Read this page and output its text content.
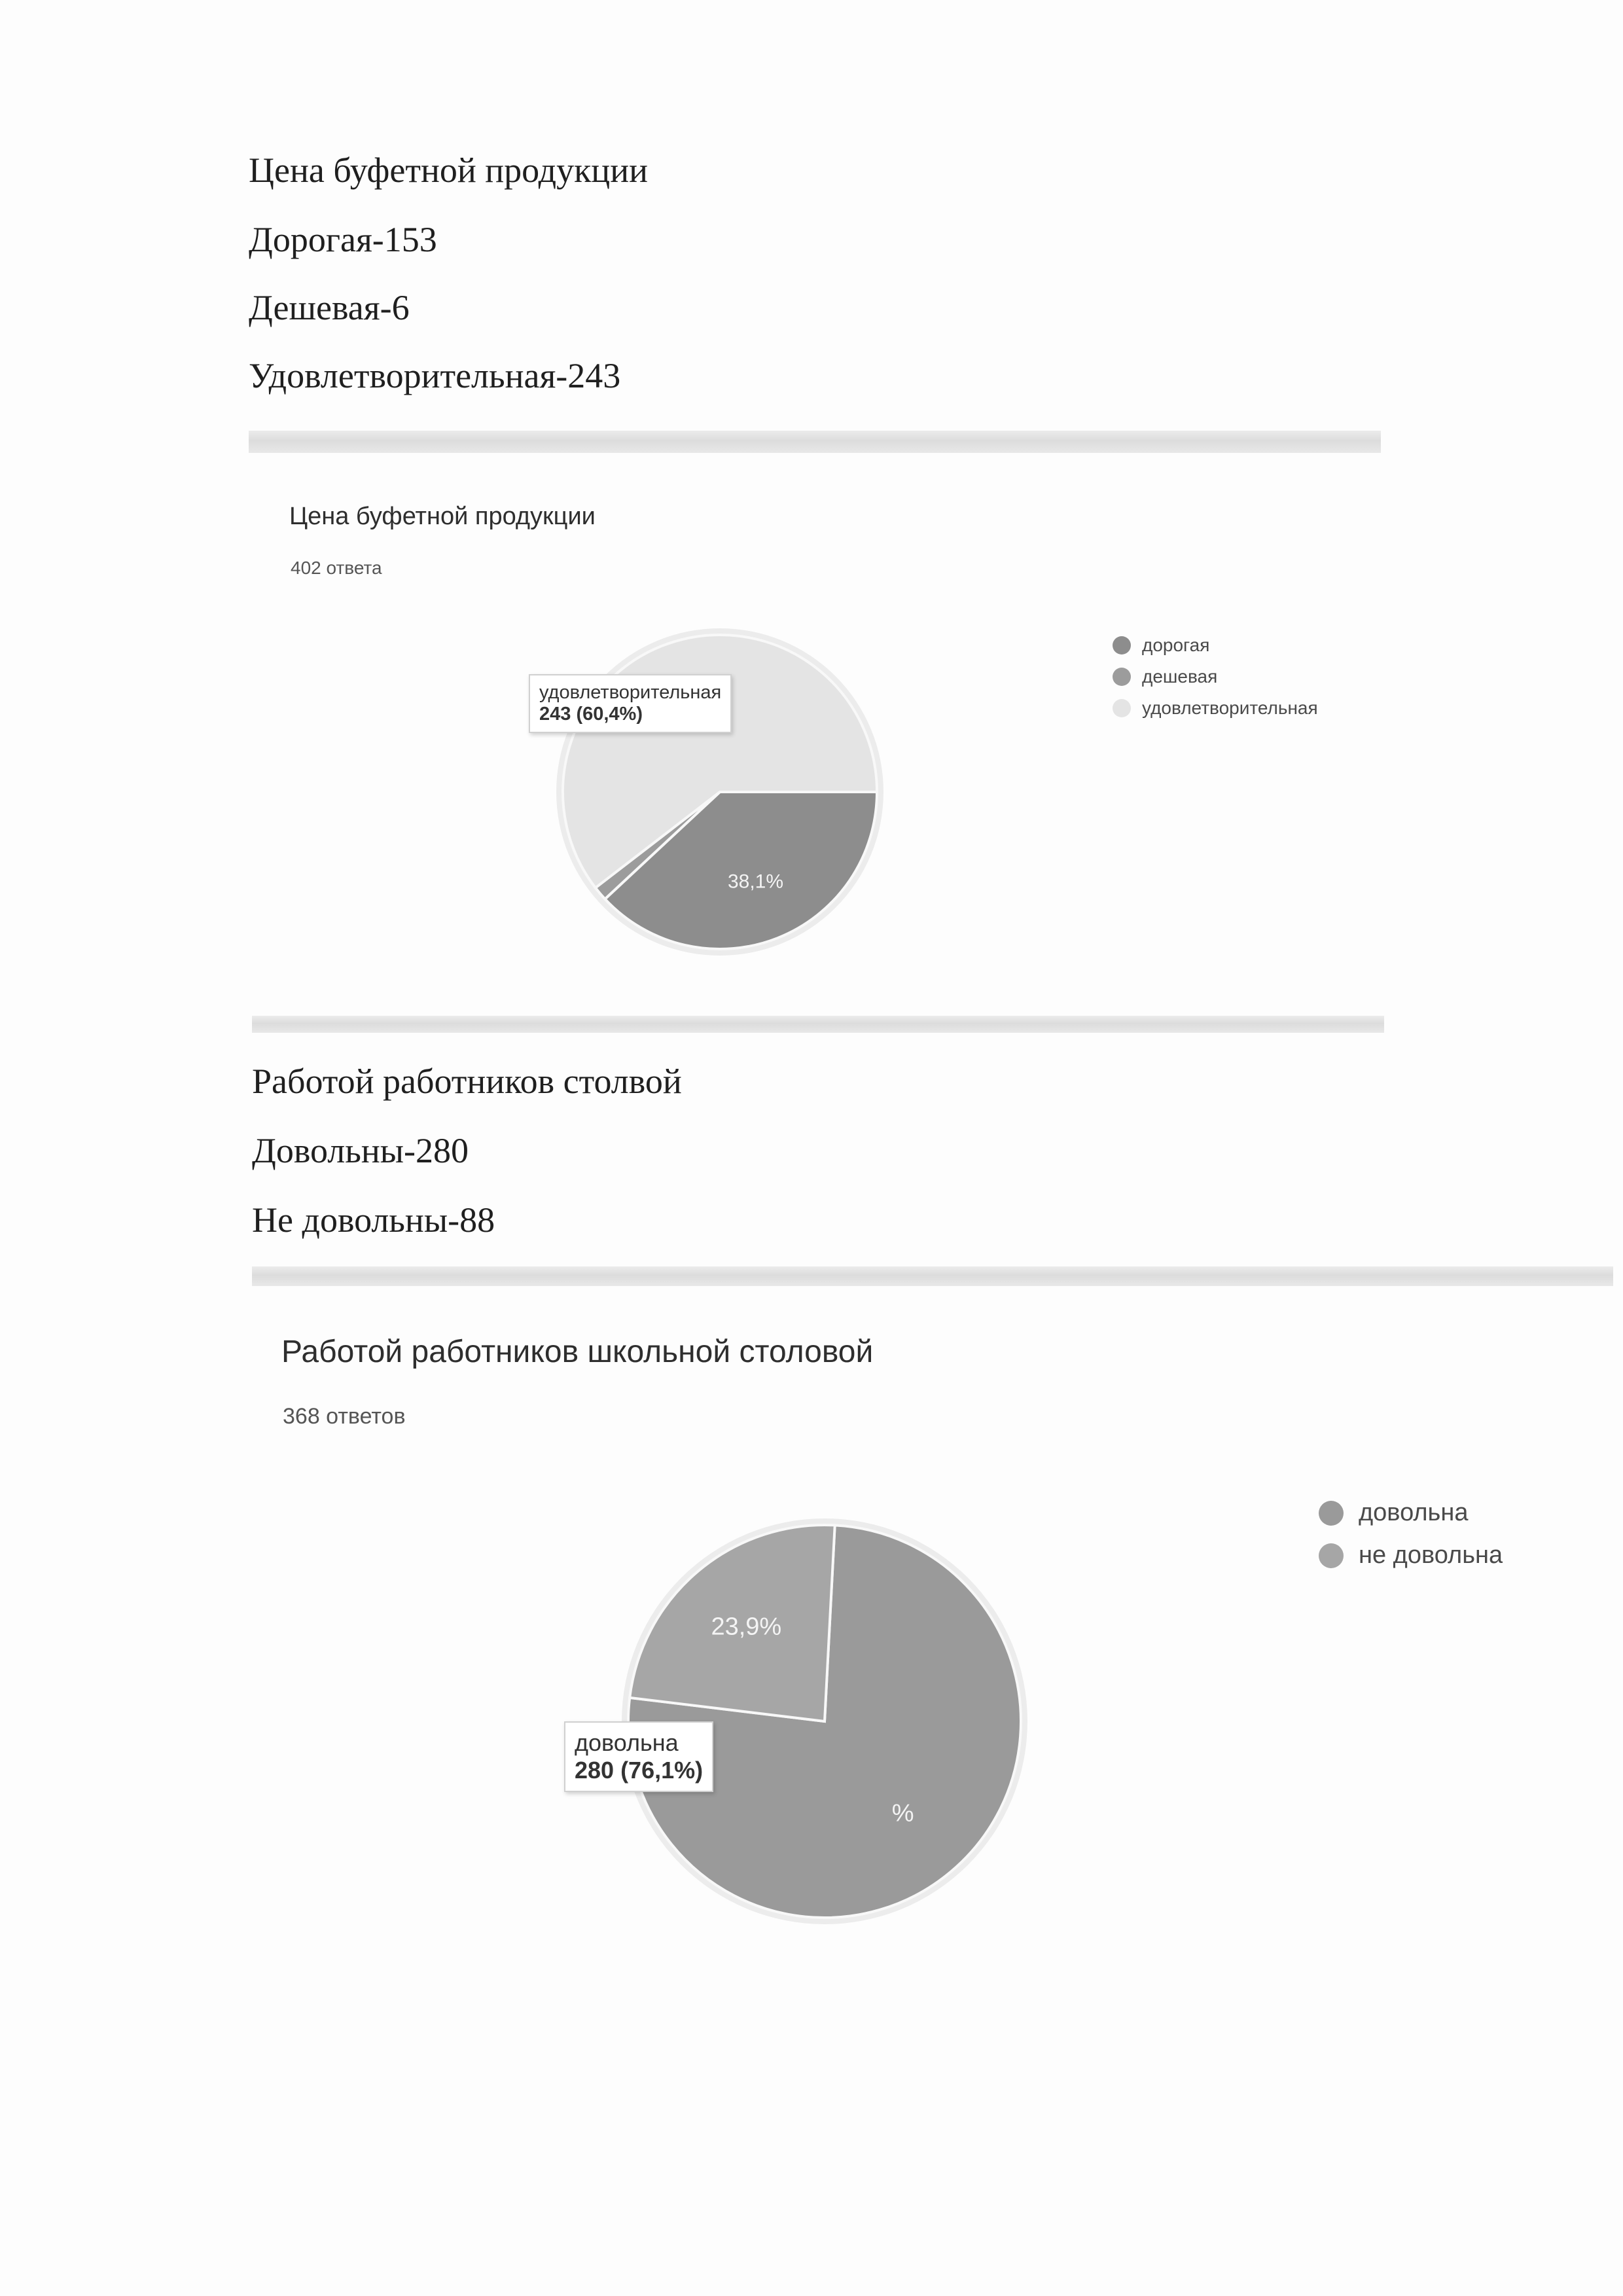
Цена буфетной продукции
Дорогая-153
Дешевая-6
Удовлетворительная-243
Цена буфетной продукции
402 ответа
38,1%
дорогая
дешевая
удовлетворительная
удовлетворительная
243 (60,4%)
Работой работников столвой
Довольны-280
Не довольны-88
Работой работников школьной столовой
368 ответов
%
23,9%
довольна
не довольна
довольна
280 (76,1%)
